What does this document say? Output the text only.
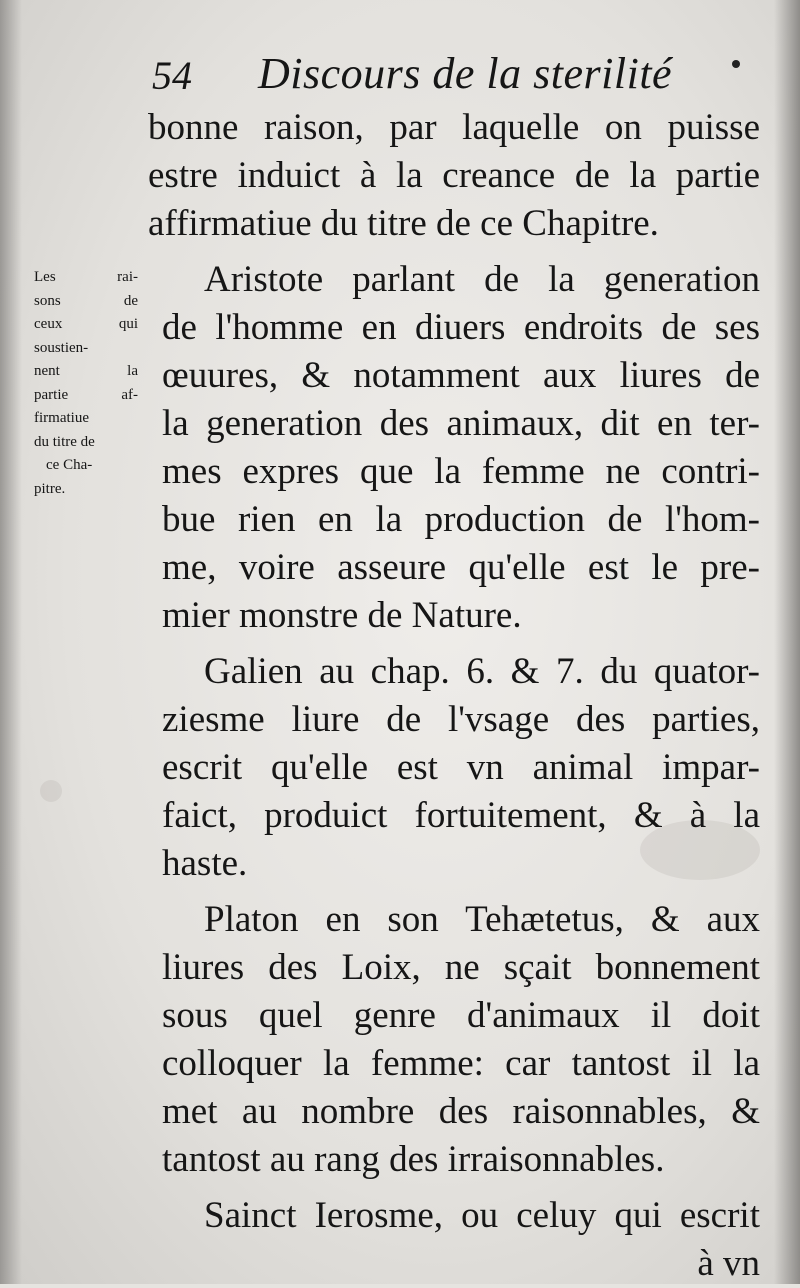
54 Discours de la sterilité
Les rai-
sons de
ceux qui
soustien-
nent la
partie af-
firmatiue
du titre de
ce Cha-
pitre.
bonne raison, par laquelle on puisse
estre induict à la creance de la partie
affirmatiue du titre de ce Chapitre.
Aristote parlant de la generation
de l'homme en diuers endroits de ses
œuures, & notamment aux liures de
la generation des animaux, dit en ter-
mes expres que la femme ne contri-
bue rien en la production de l'hom-
me, voire asseure qu'elle est le pre-
mier monstre de Nature.
Galien au chap. 6. & 7. du quator-
ziesme liure de l'vsage des parties,
escrit qu'elle est vn animal impar-
faict, produict fortuitement, & à la
haste.
Platon en son Tehætetus, & aux
liures des Loix, ne sçait bonnement
sous quel genre d'animaux il doit
colloquer la femme: car tantost il la
met au nombre des raisonnables, &
tantost au rang des irraisonnables.
Sainct Ierosme, ou celuy qui escrit
à vn
